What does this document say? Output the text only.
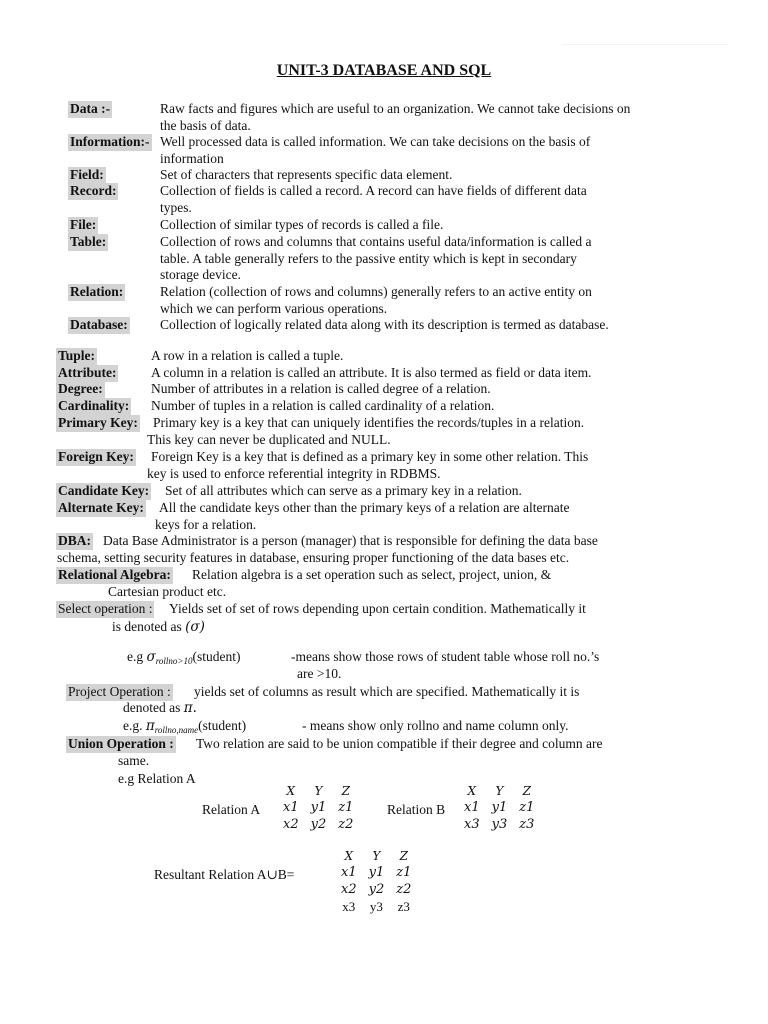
UNIT-3 DATABASE AND SQL
Data :-	Raw facts and figures which are useful to an organization. We cannot take decisions on
the basis of data.
Information:- Well processed data is called information. We can take decisions on the basis of
information
Field:	Set of characters that represents specific data element.
Record:	Collection of fields is called a record. A record can have fields of different data
types.
File:	Collection of similar types of records is called a file.
Table:	Collection of rows and columns that contains useful data/information is called a
table. A table generally refers to the passive entity which is kept in secondary
storage device.
Relation:	Relation (collection of rows and columns) generally refers to an active entity on
which we can perform various operations.
Database: Collection of logically related data along with its description is termed as database.
Tuple:	A row in a relation is called a tuple.
Attribute:	A column in a relation is called an attribute. It is also termed as field or data item.
Degree:	Number of attributes in a relation is called degree of a relation.
Cardinality: Number of tuples in a relation is called cardinality of a relation.
Primary Key: Primary key is a key that can uniquely identifies the records/tuples in a relation.
This key can never be duplicated and NULL.
Foreign Key: Foreign Key is a key that is defined as a primary key in some other relation. This
key is used to enforce referential integrity in RDBMS.
Candidate Key: Set of all attributes which can serve as a primary key in a relation.
Alternate Key: All the candidate keys other than the primary keys of a relation are alternate
keys for a relation.
DBA: Data Base Administrator is a person (manager) that is responsible for defining the data base
schema, setting security features in database, ensuring proper functioning of the data bases etc.
Relational Algebra: Relation algebra is a set operation such as select, project, union, &
Cartesian product etc.
Select operation : Yields set of set of rows depending upon certain condition. Mathematically it
is denoted as (σ)
e.g $\sigma_{rollno>10}(student)$	-means show those rows of student table whose roll no.’s
are >10.
Project Operation : yields set of columns as result which are specified. Mathematically it is
denoted as π.
e.g. $\pi_{rollno,name}(student)$	- means show only rollno and name column only.
Union Operation : Two relation are said to be union compatible if their degree and column are
same.
e.g Relation A
Relation A
X	Y	Z
x1	y1	z1
x2	y2	z2
Relation B
X	Y	Z
x1	y1	z1
x3	y3	z3
Resultant Relation A∪B=
X	Y	Z
x1	y1	z1
x2	y2	z2
x3	y3	z3
